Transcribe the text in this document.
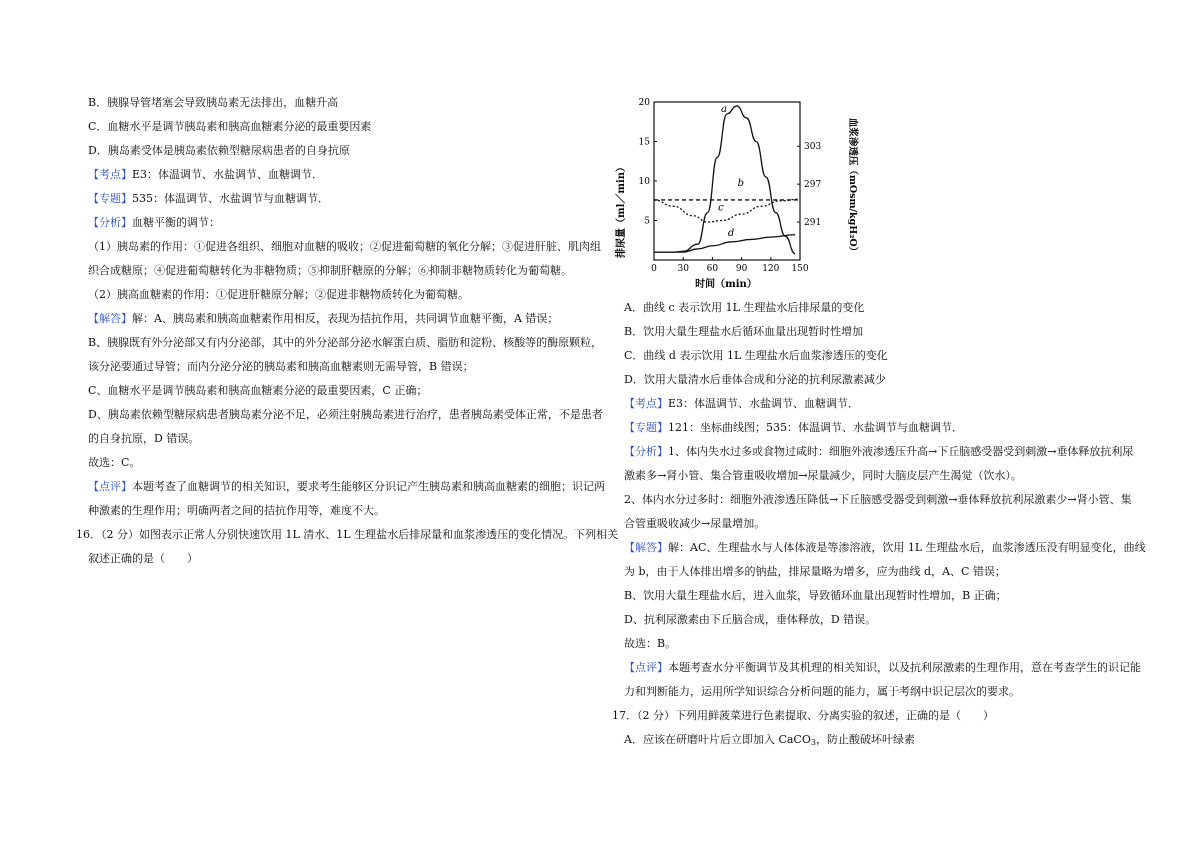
B．胰腺导管堵塞会导致胰岛素无法排出，血糖升高
C．血糖水平是调节胰岛素和胰高血糖素分泌的最重要因素
D．胰岛素受体是胰岛素依赖型糖尿病患者的自身抗原
【考点】E3：体温调节、水盐调节、血糖调节．
【专题】535：体温调节、水盐调节与血糖调节．
【分析】血糖平衡的调节：
（1）胰岛素的作用：①促进各组织、细胞对血糖的吸收；②促进葡萄糖的氧化分解；③促进肝脏、肌肉组
织合成糖原；④促进葡萄糖转化为非糖物质；⑤抑制肝糖原的分解；⑥抑制非糖物质转化为葡萄糖。
（2）胰高血糖素的作用：①促进肝糖原分解；②促进非糖物质转化为葡萄糖。
【解答】解：A、胰岛素和胰高血糖素作用相反，表现为拮抗作用，共同调节血糖平衡，A 错误；
B、胰腺既有外分泌部又有内分泌部，其中的外分泌部分泌水解蛋白质、脂肪和淀粉、核酸等的酶原颗粒，
该分泌要通过导管；而内分泌分泌的胰岛素和胰高血糖素则无需导管，B 错误；
C、血糖水平是调节胰岛素和胰高血糖素分泌的最重要因素，C 正确；
D、胰岛素依赖型糖尿病患者胰岛素分泌不足，必须注射胰岛素进行治疗，患者胰岛素受体正常，不是患者
的自身抗原，D 错误。
故选：C。
【点评】本题考查了血糖调节的相关知识，要求考生能够区分识记产生胰岛素和胰高血糖素的细胞；识记两
种激素的生理作用；明确两者之间的拮抗作用等，难度不大。
16．（2 分）如图表示正常人分别快速饮用 1L 清水、1L 生理盐水后排尿量和血浆渗透压的变化情况。下列相关
叙述正确的是（　　）
0 30 60 90 120 150
5
10
15
20
291
297
303
a
b
c
d
排尿量（ml／min）	血浆渗透压（mOsm/kgH₂O）
时间（min）
A．曲线 c 表示饮用 1L 生理盐水后排尿量的变化
B．饮用大量生理盐水后循环血量出现暂时性增加
C．曲线 d 表示饮用 1L 生理盐水后血浆渗透压的变化
D．饮用大量清水后垂体合成和分泌的抗利尿激素减少
【考点】E3：体温调节、水盐调节、血糖调节．
【专题】121：坐标曲线图；535：体温调节、水盐调节与血糖调节．
【分析】1、体内失水过多或食物过咸时：细胞外液渗透压升高→下丘脑感受器受到刺激→垂体释放抗利尿
激素多→肾小管、集合管重吸收增加→尿量减少，同时大脑皮层产生渴觉（饮水）。
2、体内水分过多时：细胞外液渗透压降低→下丘脑感受器受到刺激→垂体释放抗利尿激素少→肾小管、集
合管重吸收减少→尿量增加。
【解答】解：AC、生理盐水与人体体液是等渗溶液，饮用 1L 生理盐水后，血浆渗透压没有明显变化，曲线
为 b，由于人体排出增多的钠盐，排尿量略为增多，应为曲线 d，A、C 错误；
B、饮用大量生理盐水后，进入血浆，导致循环血量出现暂时性增加，B 正确；
D、抗利尿激素由下丘脑合成，垂体释放，D 错误。
故选：B。
【点评】本题考查水分平衡调节及其机理的相关知识，以及抗利尿激素的生理作用，意在考查学生的识记能
力和判断能力，运用所学知识综合分析问题的能力，属于考纲中识记层次的要求。
17．（2 分）下列用鲜菠菜进行色素提取、分离实验的叙述，正确的是（　　）
A．应该在研磨叶片后立即加入 CaCO$_3$，防止酸破坏叶绿素
